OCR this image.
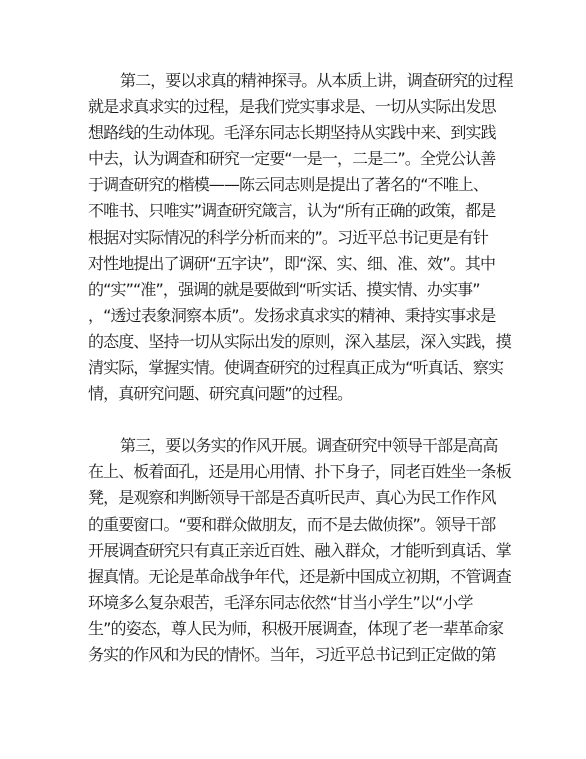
第二，要以求真的精神探寻。从本质上讲，调查研究的过程
就是求真求实的过程，是我们党实事求是、一切从实际出发思
想路线的生动体现。毛泽东同志长期坚持从实践中来、到实践
中去，认为调查和研究一定要“一是一，二是二”。全党公认善
于调查研究的楷模——陈云同志则是提出了著名的“不唯上、
不唯书、只唯实”调查研究箴言，认为“所有正确的政策，都是
根据对实际情况的科学分析而来的”。习近平总书记更是有针
对性地提出了调研“五字诀”，即“深、实、细、准、效”。其中
的“实”“准”，强调的就是要做到“听实话、摸实情、办实事”
，“透过表象洞察本质”。发扬求真求实的精神、秉持实事求是
的态度、坚持一切从实际出发的原则，深入基层，深入实践，摸
清实际，掌握实情。使调查研究的过程真正成为“听真话、察实
情，真研究问题、研究真问题”的过程。

第三，要以务实的作风开展。调查研究中领导干部是高高
在上、板着面孔，还是用心用情、扑下身子，同老百姓坐一条板
凳，是观察和判断领导干部是否真听民声、真心为民工作作风
的重要窗口。“要和群众做朋友，而不是去做侦探”。领导干部
开展调查研究只有真正亲近百姓、融入群众，才能听到真话、掌
握真情。无论是革命战争年代，还是新中国成立初期，不管调查
环境多么复杂艰苦，毛泽东同志依然“甘当小学生”以“小学
生”的姿态，尊人民为师，积极开展调查，体现了老一辈革命家
务实的作风和为民的情怀。当年，习近平总书记到正定做的第
